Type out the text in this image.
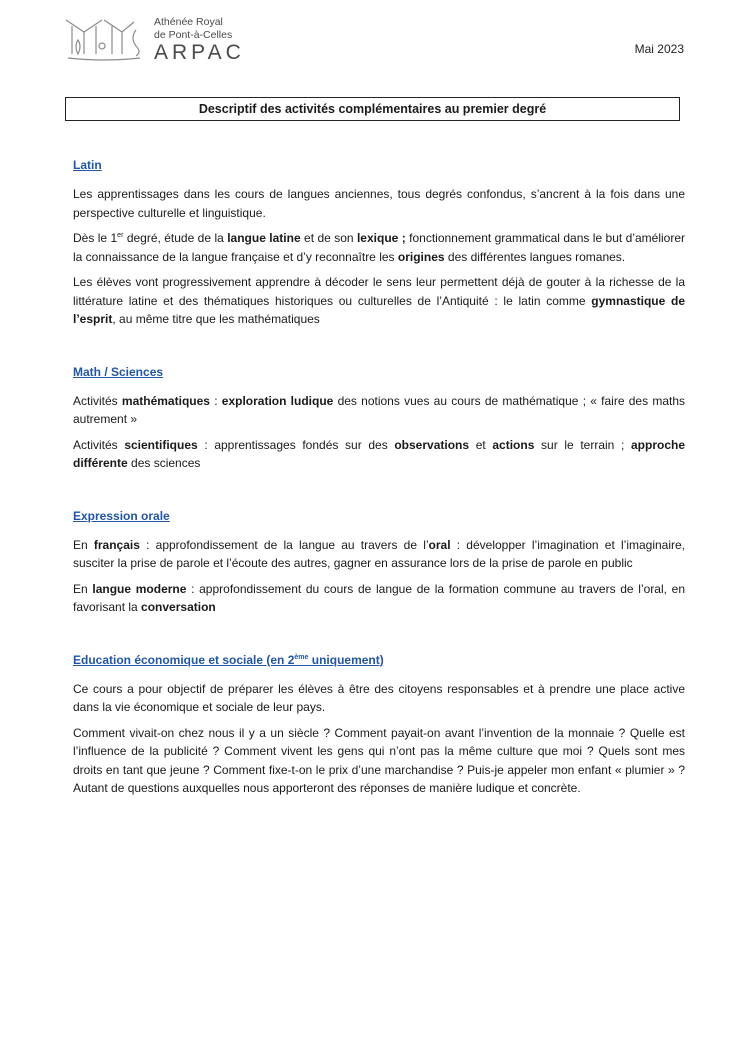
Athénée Royal
de Pont-à-Celles
ARPAC	Mai 2023
Descriptif des activités complémentaires au premier degré
Latin

Les apprentissages dans les cours de langues anciennes, tous degrés confondus, s’ancrent à la fois dans une perspective culturelle et linguistique.

Dès le 1er degré, étude de la langue latine et de son lexique ; fonctionnement grammatical dans le but d’améliorer la connaissance de la langue française et d’y reconnaître les origines des différentes langues romanes.

Les élèves vont progressivement apprendre à décoder le sens leur permettent déjà de gouter à la richesse de la littérature latine et des thématiques historiques ou culturelles de l’Antiquité : le latin comme gymnastique de l’esprit, au même titre que les mathématiques

Math / Sciences

Activités mathématiques : exploration ludique des notions vues au cours de mathématique ; « faire des maths autrement »

Activités scientifiques : apprentissages fondés sur des observations et actions sur le terrain ; approche différente des sciences

Expression orale

En français : approfondissement de la langue au travers de l’oral : développer l’imagination et l’imaginaire, susciter la prise de parole et l’écoute des autres, gagner en assurance lors de la prise de parole en public

En langue moderne : approfondissement du cours de langue de la formation commune au travers de l’oral, en favorisant la conversation

Education économique et sociale (en 2ème uniquement)

Ce cours a pour objectif de préparer les élèves à être des citoyens responsables et à prendre une place active dans la vie économique et sociale de leur pays.

Comment vivait-on chez nous il y a un siècle ? Comment payait-on avant l’invention de la monnaie ? Quelle est l’influence de la publicité ? Comment vivent les gens qui n’ont pas la même culture que moi ? Quels sont mes droits en tant que jeune ? Comment fixe-t-on le prix d’une marchandise ? Puis-je appeler mon enfant « plumier » ? Autant de questions auxquelles nous apporteront des réponses de manière ludique et concrète.
